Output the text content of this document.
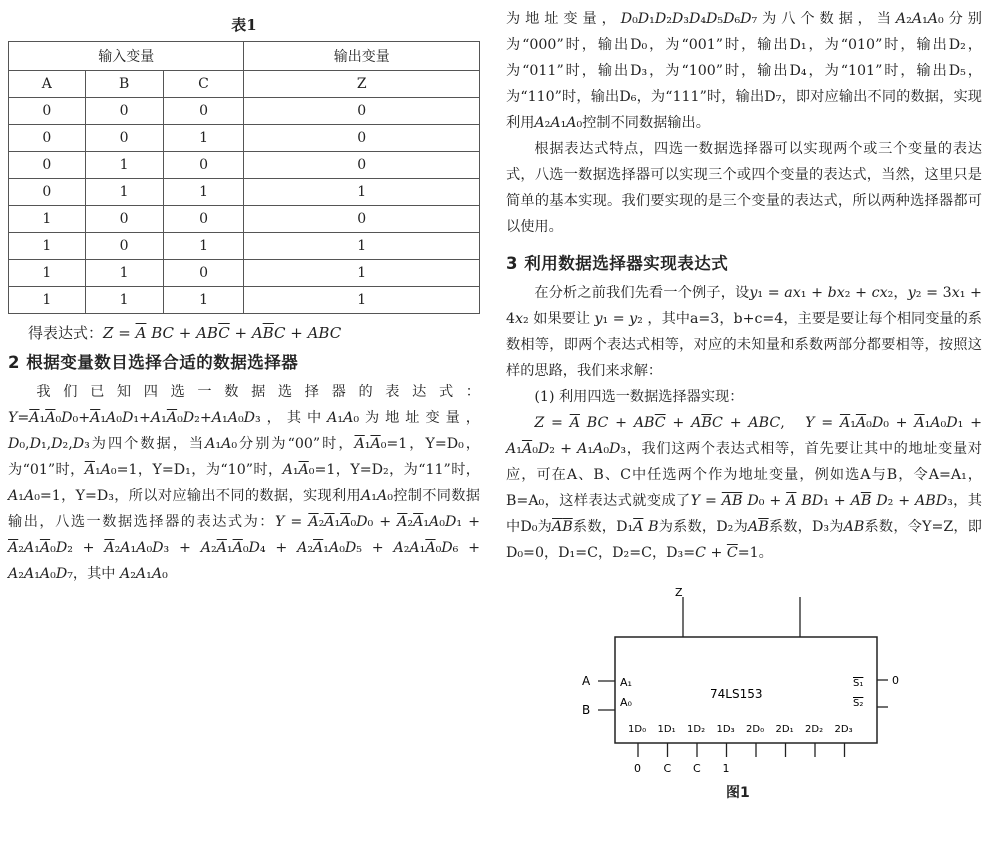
表1
输入变量			输出变量
A	B	C	Z
0	0	0	0
0	0	1	0
0	1	0	0
0	1	1	1
1	0	0	0
1	0	1	1
1	1	0	1
1	1	1	1
得表达式：$Z = \overline{A}$ BC + $AB\overline{C} + A\overline{B}C$ + ABC
2 根据变量数目选择合适的数据选择器

我们已知四选一数据选择器的表达式：$Y=\overline{A}_1\overline{A}_0D_0+\overline{A}_1A_0D_1+A_1\overline{A}_0D_2+A_1A_0D_3$，其中A₁A₀为地址变量，D₀,D₁,D₂,D₃为四个数据，当A₁A₀分别为“00”时，$\overline{A}_1\overline{A}_0=1$，Y=D₀，为“01”时，$\overline{A}_1A_0=1$，Y=D₁，为“10”时，$A_1\overline{A}_0=1$，Y=D₂，为“11”时，A₁A₀=1，Y=D₃，所以对应输出不同的数据，实现利用A₁A₀控制不同数据输出，八选一数据选择器的表达式为：$Y = \overline{A}_2\overline{A}_1\overline{A}_0D_0 + \overline{A}_2\overline{A}_1A_0D_1 + \overline{A}_2A_1\overline{A}_0D_2 + \overline{A}_2A_1A_0D_3 + A_2\overline{A}_1\overline{A}_0D_4 + A_2\overline{A}_1A_0D_5 + A_2A_1\overline{A}_0D_6 + A_2A_1A_0D_7$，其中 A₂A₁A₀

为地址变量，D₀D₁D₂D₃D₄D₅D₆D₇为八个数据，当A₂A₁A₀分别为“000”时，输出D₀，为“001”时，输出D₁，为“010”时，输出D₂，为“011”时，输出D₃，为“100”时，输出D₄，为“101”时，输出D₅，为“110”时，输出D₆，为“111”时，输出D₇，即对应输出不同的数据，实现利用A₂A₁A₀控制不同数据输出。

根据表达式特点，四选一数据选择器可以实现两个或三个变量的表达式，八选一数据选择器可以实现三个或四个变量的表达式，当然，这里只是简单的基本实现。我们要实现的是三个变量的表达式，所以两种选择器都可以使用。

3 利用数据选择器实现表达式

在分析之前我们先看一个例子，设y₁ = ax₁ + bx₂ + cx₂，y₂ = 3x₁ + 4x₂ 如果要让 y₁ = y₂ ，其中a=3，b+c=4，主要是要让每个相同变量的系数相等，即两个表达式相等，对应的未知量和系数两部分都要相等，按照这样的思路，我们来求解：

(1) 利用四选一数据选择器实现：

$Z = \overline{A}$ BC + $AB\overline{C} + A\overline{B}C$ + ABC,   $Y = \overline{A}_1\overline{A}_0D_0 + \overline{A}_1A_0D_1 + A_1\overline{A}_0D_2 + A_1A_0D_3$，我们这两个表达式相等，首先要让其中的地址变量对应，可在A、B、C中任选两个作为地址变量，例如选A与B，令A=A₁，B=A₀，这样表达式就变成了$Y = \overline{A}\overline{B}$ $D_0 + \overline{A}$ $BD_1 + A\overline{B}$ D₂ + ABD₃，其中D₀为$\overline{A}\overline{B}$系数，$D_1\overline{A}$ B为系数，D₂为$A\overline{B}$系数，D₃为AB系数，令Y=Z，即D₀=0，D₁=C，D₂=C，$D_3=C + \overline{C}=1$。

Z
A	A₁
B
A₀
74LS153
S₁
S₂
0
1D₀ 1D₁ 1D₂ 1D₃ 2D₀ 2D₁ 2D₂ 2D₃
0 C C 1
图1
